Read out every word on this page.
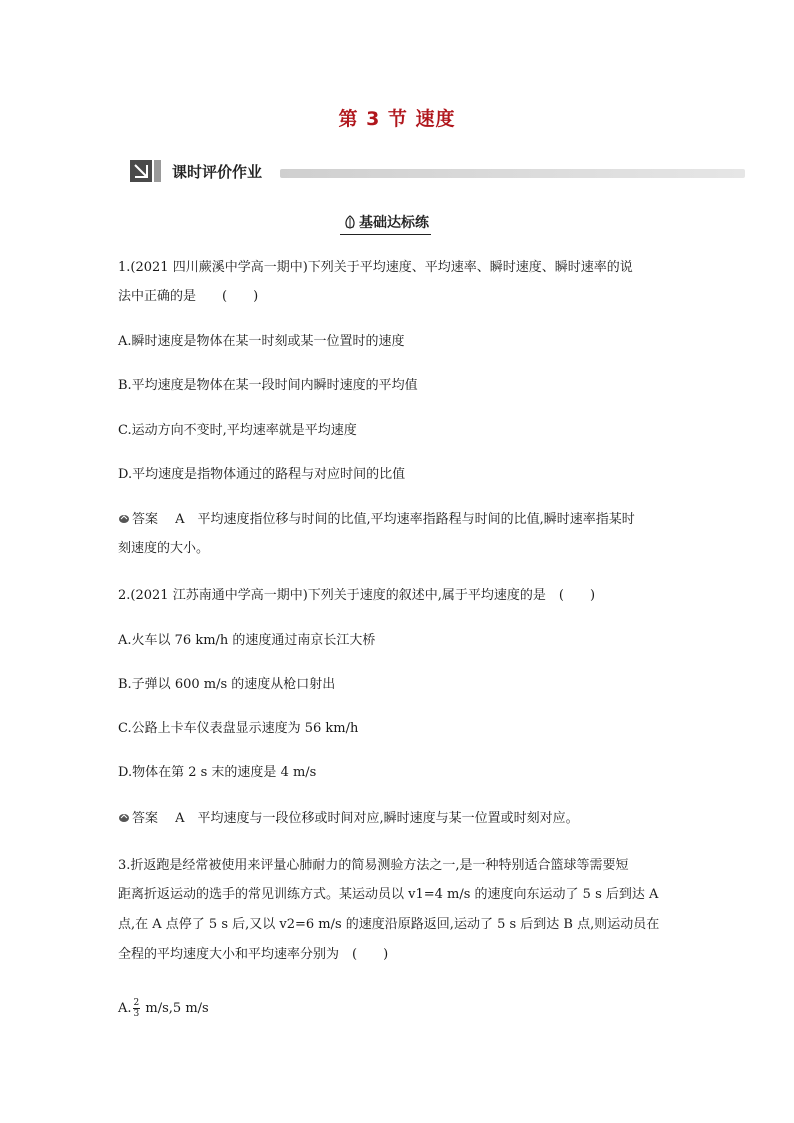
第 3 节 速度
课时评价作业
基础达标练
1.(2021 四川蕨溪中学高一期中)下列关于平均速度、平均速率、瞬时速度、瞬时速率的说
法中正确的是　　(　　)
A.瞬时速度是物体在某一时刻或某一位置时的速度
B.平均速度是物体在某一段时间内瞬时速度的平均值
C.运动方向不变时,平均速率就是平均速度
D.平均速度是指物体通过的路程与对应时间的比值
答案　 A　平均速度指位移与时间的比值,平均速率指路程与时间的比值,瞬时速率指某时
刻速度的大小。
2.(2021 江苏南通中学高一期中)下列关于速度的叙述中,属于平均速度的是　(　　)
A.火车以 76 km/h 的速度通过南京长江大桥
B.子弹以 600 m/s 的速度从枪口射出
C.公路上卡车仪表盘显示速度为 56 km/h
D.物体在第 2 s 末的速度是 4 m/s
答案　 A　平均速度与一段位移或时间对应,瞬时速度与某一位置或时刻对应。
3.折返跑是经常被使用来评量心肺耐力的简易测验方法之一,是一种特别适合篮球等需要短
距离折返运动的选手的常见训练方式。某运动员以 v1=4 m/s 的速度向东运动了 5 s 后到达 A
点,在 A 点停了 5 s 后,又以 v2=6 m/s 的速度沿原路返回,运动了 5 s 后到达 B 点,则运动员在
全程的平均速度大小和平均速率分别为　(　　)
A. $\frac{2}{3} m/s,5$ m/s
